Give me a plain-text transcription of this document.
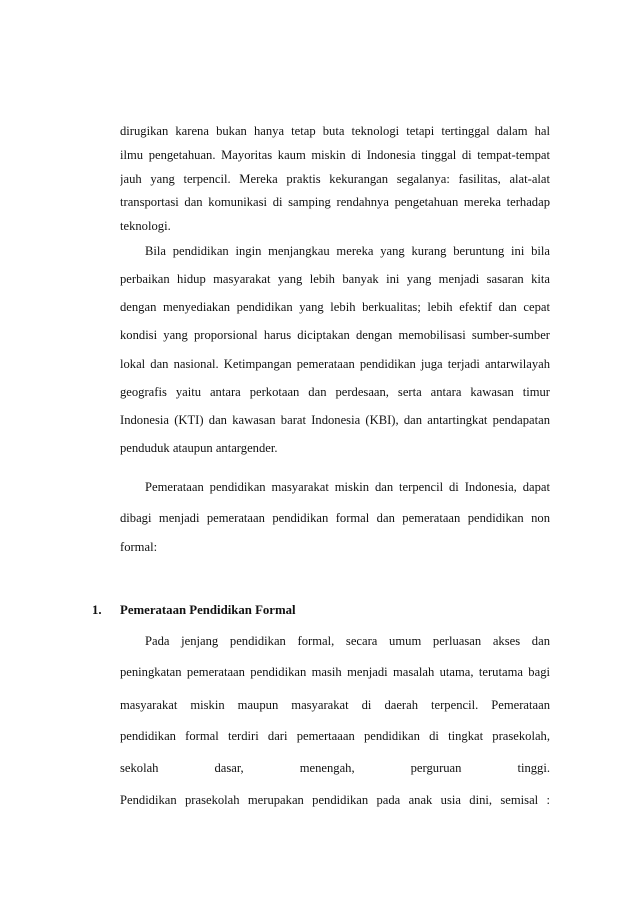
dirugikan karena bukan hanya tetap buta teknologi tetapi tertinggal dalam hal
ilmu pengetahuan. Mayoritas kaum miskin di Indonesia tinggal di tempat-tempat
jauh yang terpencil. Mereka praktis kekurangan segalanya: fasilitas, alat-alat
transportasi dan komunikasi di samping rendahnya pengetahuan mereka terhadap
teknologi.
Bila pendidikan ingin menjangkau mereka yang kurang beruntung ini bila
perbaikan hidup masyarakat yang lebih banyak ini yang menjadi sasaran kita
dengan menyediakan pendidikan yang lebih berkualitas; lebih efektif dan cepat
kondisi yang proporsional harus diciptakan dengan memobilisasi sumber-sumber
lokal dan nasional. Ketimpangan pemerataan pendidikan juga terjadi antarwilayah
geografis yaitu antara perkotaan dan perdesaan, serta antara kawasan timur
Indonesia (KTI) dan kawasan barat Indonesia (KBI), dan antartingkat pendapatan
penduduk ataupun antargender.
Pemerataan pendidikan masyarakat miskin dan terpencil di Indonesia, dapat
dibagi menjadi pemerataan pendidikan formal dan pemerataan pendidikan non
formal:
1. Pemerataan Pendidikan Formal
Pada jenjang pendidikan formal, secara umum perluasan akses dan
peningkatan pemerataan pendidikan masih menjadi masalah utama, terutama bagi
masyarakat miskin maupun masyarakat di daerah terpencil. Pemerataan
pendidikan formal terdiri dari pemertaaan pendidikan di tingkat prasekolah,
sekolah dasar, menengah, perguruan tinggi.
Pendidikan prasekolah merupakan pendidikan pada anak usia dini, semisal :
